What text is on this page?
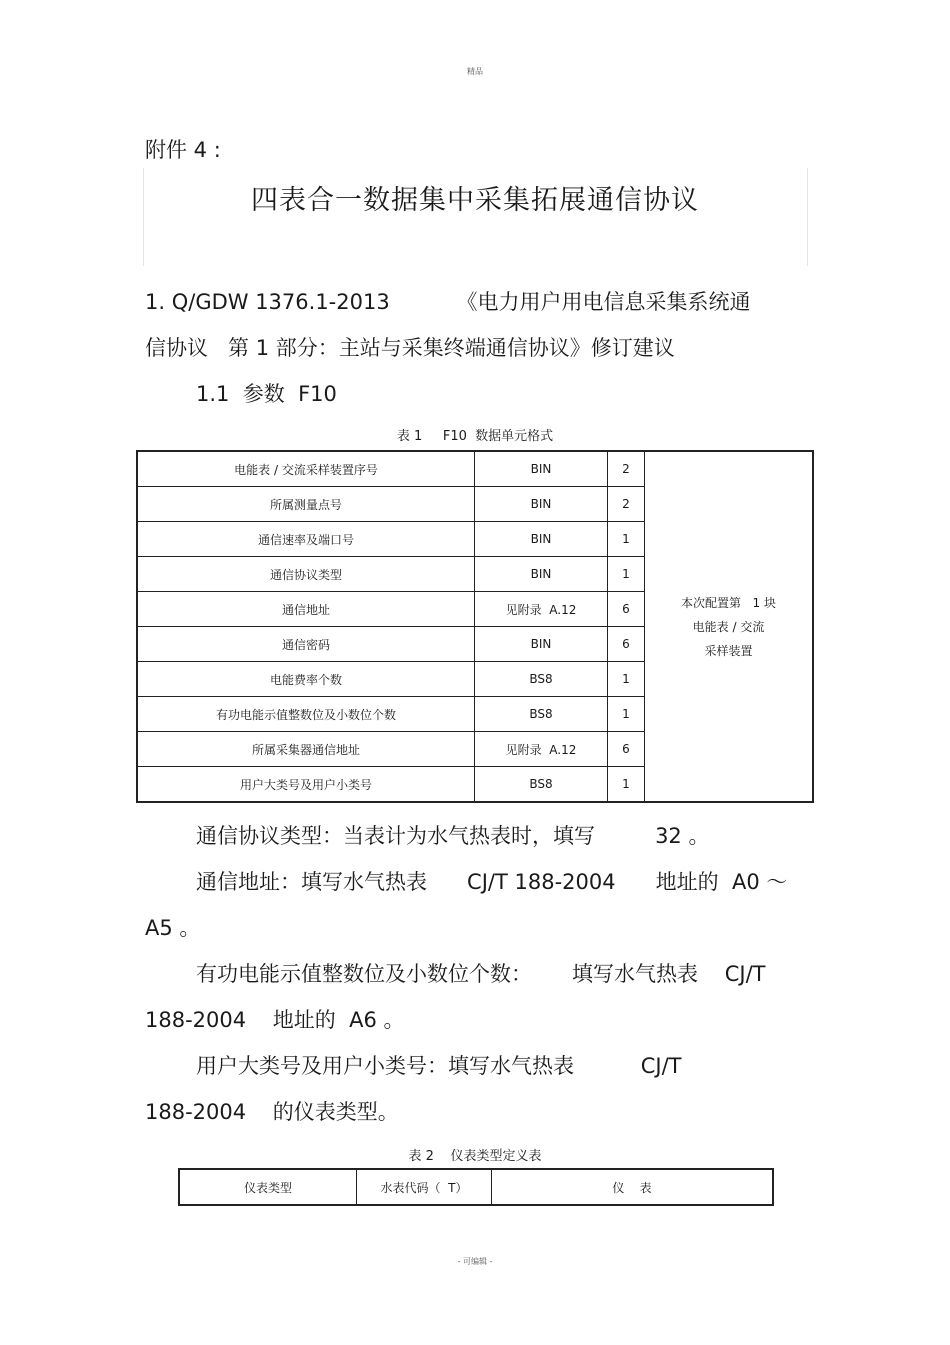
精品
附件 4 :
四表合一数据集中采集拓展通信协议
1. Q/GDW 1376.1-2013          《电力用户用电信息采集系统通
信协议   第 1 部分：主站与采集终端通信协议》修订建议
1.1  参数  F10
表 1     F10  数据单元格式
电能表 / 交流采样装置序号	BIN	2	本次配置第   1 块
电能表 / 交流
采样装置

所属测量点号	BIN	2	
通信速率及端口号	BIN	1	
通信协议类型	BIN	1	
通信地址	见附录  A.12	6	
通信密码	BIN	6	
电能费率个数	BS8	1	
有功电能示值整数位及小数位个数	BS8	1	
所属采集器通信地址	见附录  A.12	6	
用户大类号及用户小类号	BS8	1	
通信协议类型：当表计为水气热表时，填写         32 。
通信地址：填写水气热表      CJ/T 188-2004      地址的  A0 ～
A5 。
有功电能示值整数位及小数位个数：      填写水气热表    CJ/T
188-2004    地址的  A6 。
用户大类号及用户小类号：填写水气热表          CJ/T
188-2004    的仪表类型。
表 2    仪表类型定义表
仪表类型	水表代码（  T）	仪    表
- 可编辑 -
